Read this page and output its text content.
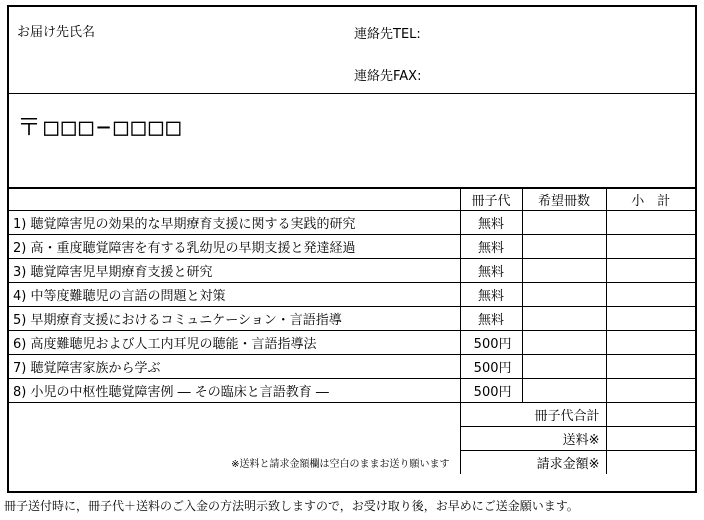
お届け先氏名	連絡先TEL:
連絡先FAX:
〒□□□−□□□□
	冊子代	希望冊数	小　計
1) 聴覚障害児の効果的な早期療育支援に関する実践的研究	無料		
2) 高・重度聴覚障害を有する乳幼児の早期支援と発達経過	無料		
3) 聴覚障害児早期療育支援と研究	無料		
4) 中等度難聴児の言語の問題と対策	無料		
5) 早期療育支援におけるコミュニケーション・言語指導	無料		
6) 高度難聴児および人工内耳児の聴能・言語指導法	500円		
7) 聴覚障害家族から学ぶ	500円		
8) 小児の中枢性聴覚障害例 ― その臨床と言語教育 ―	500円		
※送料と請求金額欄は空白のままお送り願います	冊子代合計		
	送料※		
	請求金額※		
冊子送付時に，冊子代＋送料のご入金の方法明示致しますので，お受け取り後，お早めにご送金願います。
